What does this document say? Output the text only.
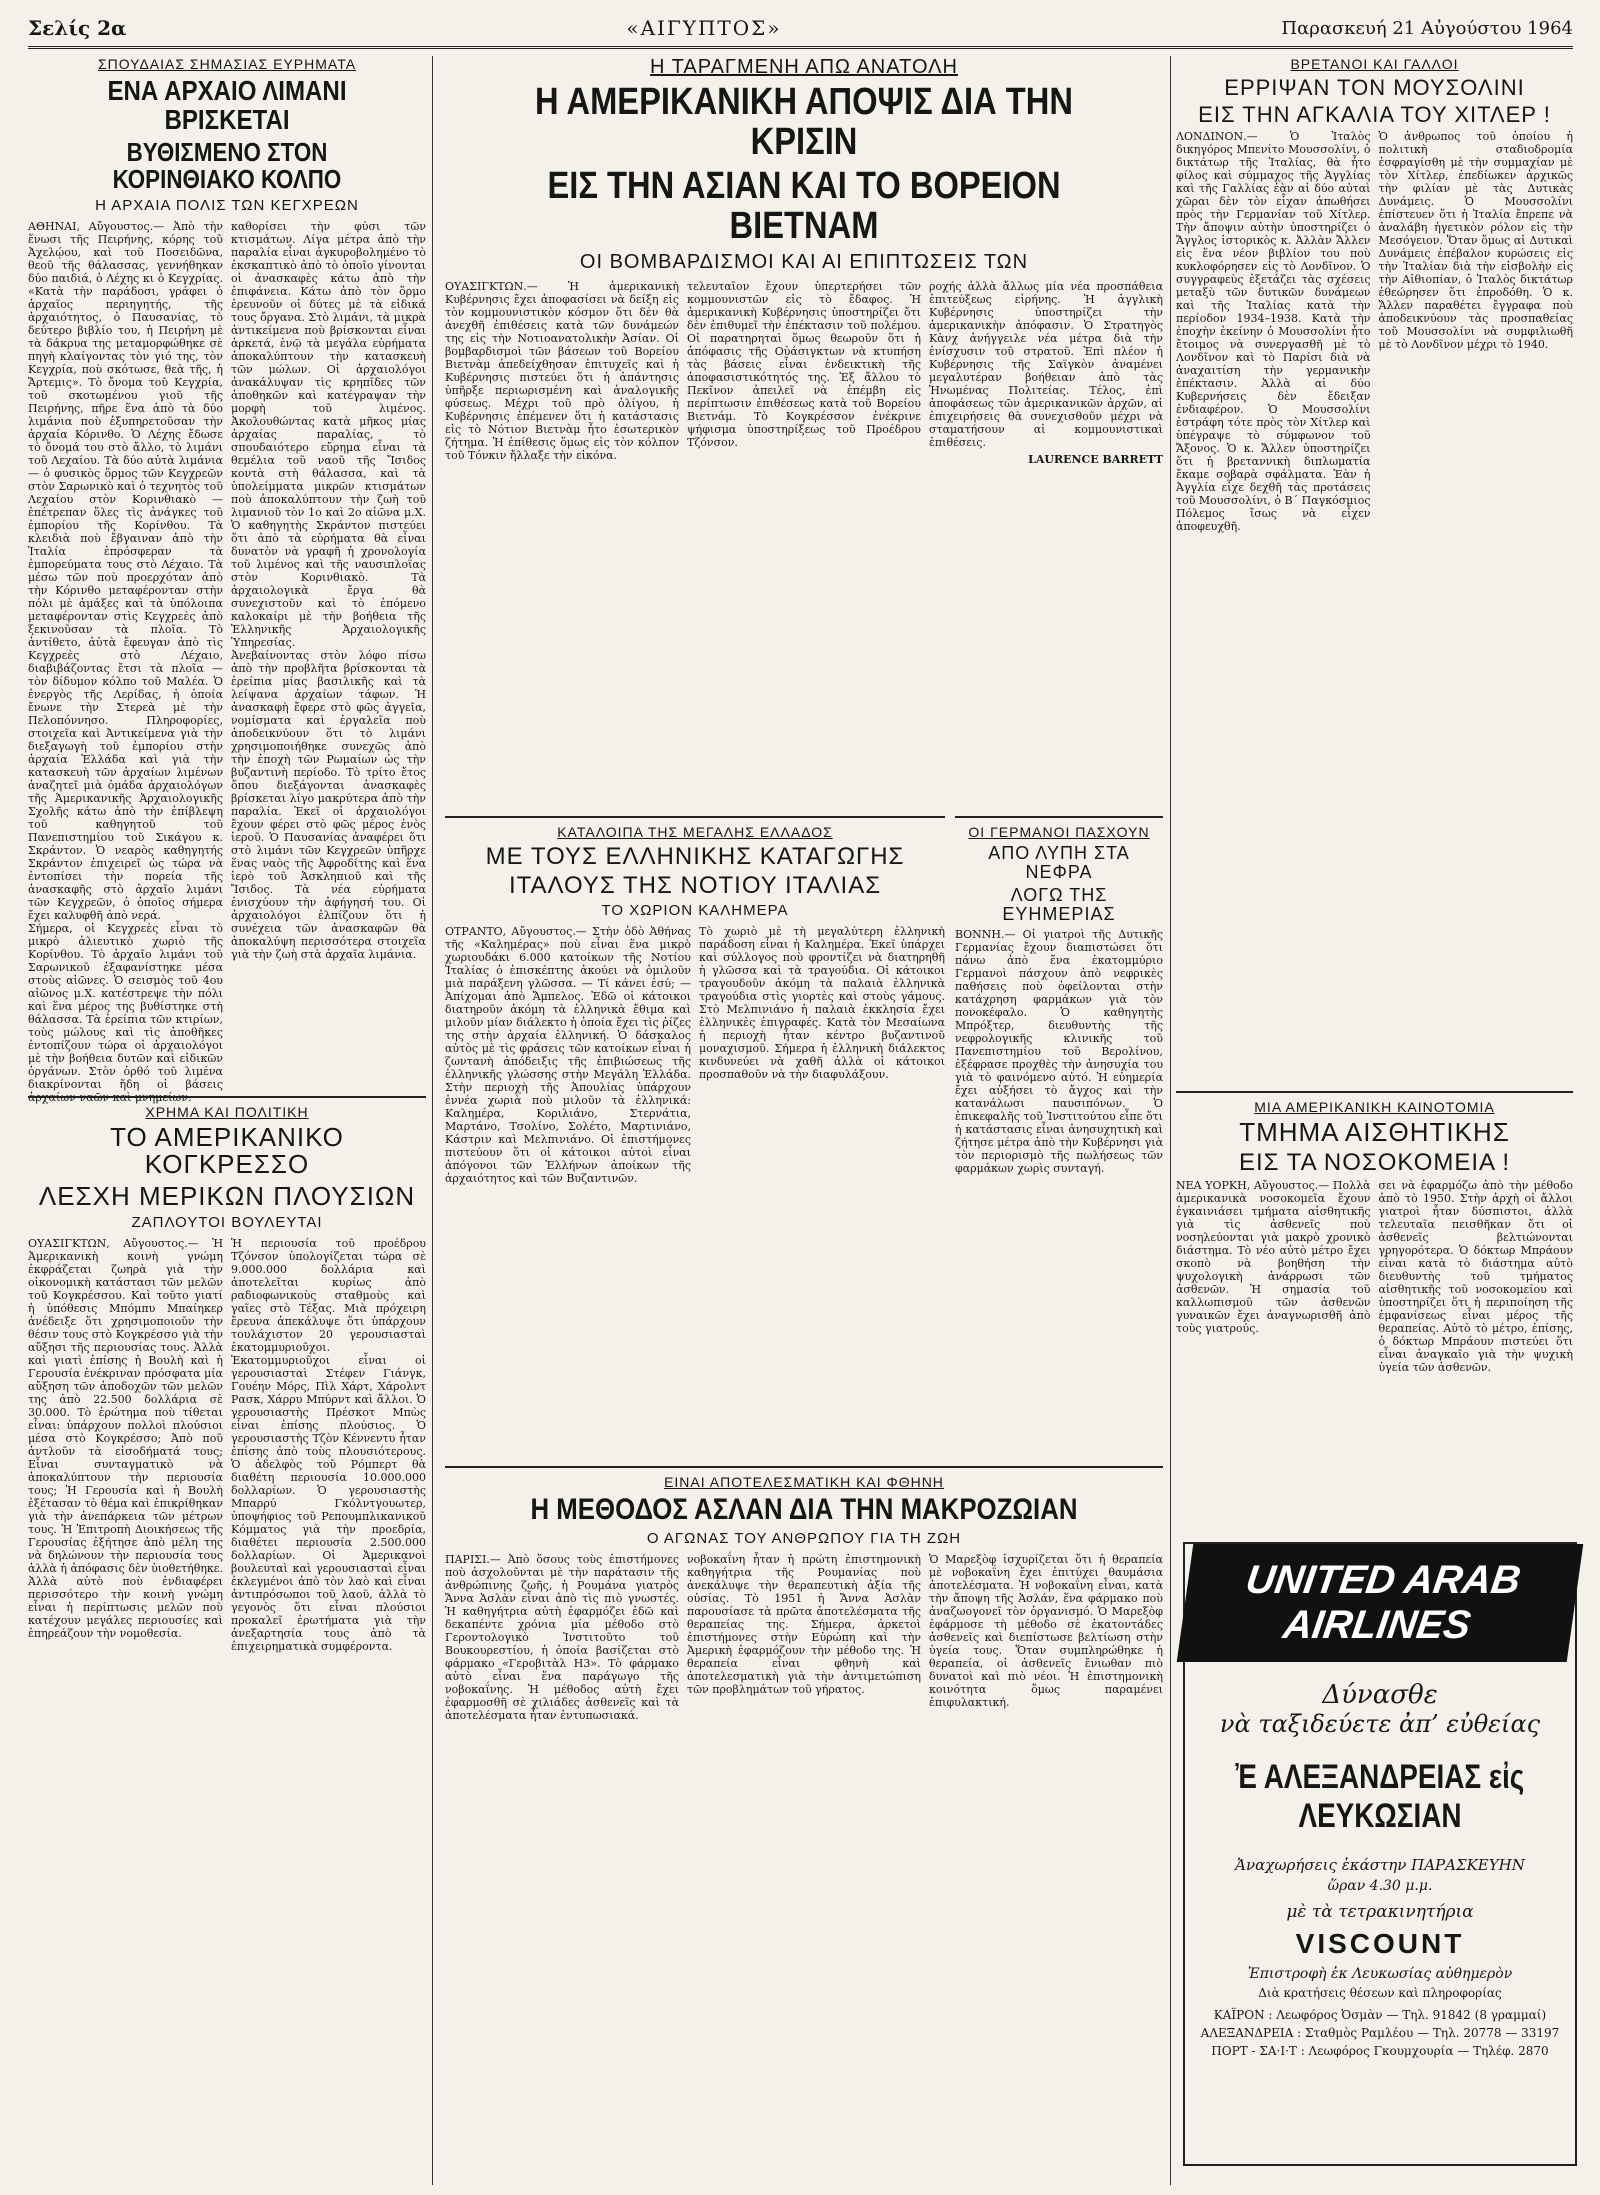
Σελίς 2α	«ΑΙΓΥΠΤΟΣ»	Παρασκευή 21 Αὐγούστου 1964
ΣΠΟΥΔΑΙΑΣ ΣΗΜΑΣΙΑΣ ΕΥΡΗΜΑΤΑ
ΕΝΑ ΑΡΧΑΙΟ ΛΙΜΑΝΙ ΒΡΙΣΚΕΤΑΙ
ΒΥΘΙΣΜΕΝΟ ΣΤΟΝ ΚΟΡΙΝΘΙΑΚΟ ΚΟΛΠΟ
Η ΑΡΧΑΙΑ ΠΟΛΙΣ ΤΩΝ ΚΕΓΧΡΕΩΝ

ΑΘΗΝΑΙ, Αὔγουστος.— Ἀπὸ τὴν ἕνωσι τῆς Πειρήνης, κόρης τοῦ Ἀχελῴου, καὶ τοῦ Ποσειδῶνα, θεοῦ τῆς θάλασσας, γεννήθηκαν δύο παιδιά, ὁ Λέχης κι ὁ Κεγχρίας. «Κατὰ τὴν παράδοσι, γράφει ὁ ἀρχαῖος περιηγητής, τῆς ἀρχαιότητος, ὁ Παυσανίας, τὸ δεύτερο βιβλίο του, ἡ Πειρήνη μὲ τὰ δάκρυα της μεταμορφώθηκε σὲ πηγὴ κλαίγοντας τὸν γιό της, τὸν Κεγχρία, ποὺ σκότωσε, θεὰ τῆς, ἡ Ἄρτεμις». Τὸ ὄνομα τοῦ Κεγχρία, τοῦ σκοτωμένου γιοῦ τῆς Πειρήνης, πῆρε ἕνα ἀπὸ τὰ δύο λιμάνια ποὺ ἐξυπηρετοῦσαν τὴν ἀρχαία Κόρινθο. Ὁ Λέχης ἔδωσε τὸ ὄνομά του στὸ ἄλλο, τὸ λιμάνι τοῦ Λεχαίου. Τὰ δύο αὐτὰ λιμάνια — ὁ φυσικὸς ὅρμος τῶν Κεγχρεῶν στὸν Σαρωνικὸ καὶ ὁ τεχνητὸς τοῦ Λεχαίου στὸν Κορινθιακὸ — ἐπέτρεπαν ὅλες τὶς ἀνάγκες τοῦ ἐμπορίου τῆς Κορίνθου. Τὰ κλειδιὰ ποὺ ἔβγαιναν ἀπὸ τὴν Ἰταλία ἐπρόσφεραν τὰ ἐμπορεύματα τους στὸ Λέχαιο. Τὰ μέσω τῶν ποὺ προερχόταν ἀπὸ τὴν Κόρινθο μεταφέρονταν στὴν πόλι μὲ ἀμάξες καὶ τὰ ὑπόλοιπα μεταφέρονταν στὶς Κεγχρεὲς ἀπὸ ξεκινοῦσαν τὰ πλοῖα. Τὸ ἀντίθετο, ἀὐτὰ ἔφευγαν ἀπὸ τὶς Κεγχρεὲς στὸ Λέχαιο, διαβιβάζοντας ἔτσι τὰ πλοῖα — τὸν δίδυμον κόλπο τοῦ Μαλέα. Ὁ ἐνεργὸς τῆς Λερίδας, ἡ ὁποία ἔνωνε τὴν Στερεὰ μὲ τὴν Πελοπόννησο. Πληροφορίες, στοιχεῖα καὶ Ἀντικείμενα γιὰ τὴν διεξαγωγὴ τοῦ ἐμπορίου στὴν ἀρχαία Ἑλλάδα καὶ γιὰ τὴν κατασκευὴ τῶν ἀρχαίων λιμένων ἀναζητεῖ μιὰ ὁμάδα ἀρχαιολόγων τῆς Ἀμερικανικῆς Ἀρχαιολογικῆς Σχολῆς κάτω ἀπὸ τὴν ἐπίβλεψη τοῦ καθηγητοῦ τοῦ Πανεπιστημίου τοῦ Σικάγου κ. Σκράντον. Ὁ νεαρὸς καθηγητής Σκράντον ἐπιχειρεῖ ὡς τώρα νὰ ἐντοπίσει τὴν πορεία τῆς ἀνασκαφῆς στὸ ἀρχαῖο λιμάνι τῶν Κεγχρεῶν, ὁ ὁποῖος σήμερα ἔχει καλυφθῆ ἀπὸ νερά.

Σήμερα, οἱ Κεγχρεὲς εἶναι τὸ μικρὸ ἀλιευτικὸ χωριὸ τῆς Κορίνθου. Τὸ ἀρχαῖο λιμάνι τοῦ Σαρωνικοῦ ἐξαφανίστηκε μέσα στοὺς αἰῶνες. Ὁ σεισμὸς τοῦ 4ου αἰῶνος μ.Χ. κατέστρεψε τὴν πόλι καὶ ἕνα μέρος της βυθίστηκε στὴ θάλασσα. Τὰ ἐρείπια τῶν κτιρίων, τοὺς μώλους καὶ τὶς ἀποθῆκες ἐντοπίζουν τώρα οἱ ἀρχαιολόγοι μὲ τὴν βοήθεια δυτῶν καὶ εἰδικῶν ὀργάνων. Στὸν ὀρθό τοῦ λιμένα διακρίνονται ἤδη οἱ βάσεις ἀρχαίων ναῶν καὶ μνημείων.

καθορίσει τὴν φύσι τῶν κτισμάτων. Λίγα μέτρα ἀπὸ τὴν παραλία εἶναι ἀγκυροβολημένο τὸ ἐκσκαπτικὸ ἀπὸ τὸ ὁποῖο γίνονται οἱ ἀνασκαφὲς κάτω ἀπὸ τὴν ἐπιφάνεια. Κάτω ἀπὸ τὸν ὅρμο ἐρευνοῦν οἱ δύτες μὲ τὰ εἰδικά τους ὄργανα. Στὸ λιμάνι, τὰ μικρὰ ἀντικείμενα ποὺ βρίσκονται εἶναι ἀρκετά, ἐνῷ τὰ μεγάλα εὐρήματα ἀποκαλύπτουν τὴν κατασκευὴ τῶν μώλων. Οἱ ἀρχαιολόγοι ἀνακάλυψαν τὶς κρηπῖδες τῶν ἀποθηκῶν καὶ κατέγραψαν τὴν μορφὴ τοῦ λιμένος. Ἀκολουθώντας κατὰ μῆκος μίας ἀρχαίας παραλίας, τὸ σπουδαιότερο εὔρημα εἶναι τὰ θεμέλια τοῦ ναοῦ τῆς Ἴσιδος κοντὰ στὴ θάλασσα, καὶ τὰ ὑπολείμματα μικρῶν κτισμάτων ποὺ ἀποκαλύπτουν τὴν ζωὴ τοῦ λιμανιοῦ τὸν 1ο καὶ 2ο αἰῶνα μ.Χ. Ὁ καθηγητὴς Σκράντον πιστεύει ὅτι ἀπὸ τὰ εὐρήματα θὰ εἶναι δυνατὸν νὰ γραφῆ ἡ χρονολογία τοῦ λιμένος καὶ τῆς ναυσιπλοΐας στὸν Κορινθιακὸ. Τὰ ἀρχαιολογικὰ ἔργα θὰ συνεχιστοῦν καὶ τὸ ἐπόμενο καλοκαίρι μὲ τὴν βοήθεια τῆς Ἑλληνικῆς Ἀρχαιολογικῆς Ὑπηρεσίας.

Ἀνεβαίνοντας στὸν λόφο πίσω ἀπὸ τὴν προβλῆτα βρίσκονται τὰ ἐρείπια μίας βασιλικῆς καὶ τὰ λείψανα ἀρχαίων τάφων. Ἡ ἀνασκαφὴ ἔφερε στὸ φῶς ἀγγεῖα, νομίσματα καὶ ἐργαλεῖα ποὺ ἀποδεικνύουν ὅτι τὸ λιμάνι χρησιμοποιήθηκε συνεχῶς ἀπὸ τὴν ἐποχὴ τῶν Ρωμαίων ὡς τὴν βυζαντινὴ περίοδο. Τὸ τρίτο ἔτος ὅπου διεξάγονται ἀνασκαφὲς βρίσκεται λίγο μακρύτερα ἀπὸ τὴν παραλία. Ἐκεῖ οἱ ἀρχαιολόγοι ἔχουν φέρει στὸ φῶς μέρος ἑνὸς ἱεροῦ. Ὁ Παυσανίας ἀναφέρει ὅτι στὸ λιμάνι τῶν Κεγχρεῶν ὑπῆρχε ἕνας ναὸς τῆς Ἀφροδίτης καὶ ἕνα ἱερὸ τοῦ Ἀσκληπιοῦ καὶ τῆς Ἴσιδος. Τὰ νέα εὐρήματα ἐνισχύουν τὴν ἀφήγησή του. Οἱ ἀρχαιολόγοι ἐλπίζουν ὅτι ἡ συνέχεια τῶν ἀνασκαφῶν θὰ ἀποκαλύψη περισσότερα στοιχεῖα γιὰ τὴν ζωὴ στὰ ἀρχαῖα λιμάνια.

ΧΡΗΜΑ ΚΑΙ ΠΟΛΙΤΙΚΗ
ΤΟ ΑΜΕΡΙΚΑΝΙΚΟ ΚΟΓΚΡΕΣΣΟ
ΛΕΣΧΗ ΜΕΡΙΚΩΝ ΠΛΟΥΣΙΩΝ
ΖΑΠΛΟΥΤΟΙ ΒΟΥΛΕΥΤΑΙ

ΟΥΑΣΙΓΚΤΩΝ, Αὔγουστος.— Ἡ Ἀμερικανικὴ κοινὴ γνώμη ἐκφράζεται ζωηρὰ γιὰ τὴν οἰκονομικὴ κατάστασι τῶν μελῶν τοῦ Κογκρέσσου. Καὶ τοῦτο γιατί ἡ ὑπόθεσις Μπόμπυ Μπαίηκερ ἀνέδειξε ὅτι χρησιμοποιοῦν τὴν θέσιν τους στὸ Κογκρέσσο γιὰ τὴν αὔξησι τῆς περιουσίας τους. Ἀλλὰ καὶ γιατὶ ἐπίσης ἡ Βουλὴ καὶ ἡ Γερουσία ἐνέκριναν πρόσφατα μία αὔξηση τῶν ἀποδοχῶν τῶν μελῶν της ἀπὸ 22.500 δολλάρια σὲ 30.000. Τὸ ἐρώτημα ποὺ τίθεται εἶναι: ὑπάρχουν πολλοὶ πλούσιοι μέσα στὸ Κογκρέσσο; Ἀπὸ ποῦ ἀντλοῦν τὰ εἰσοδήματά τους; Εἶναι συνταγματικὸ νὰ ἀποκαλύπτουν τὴν περιουσία τους; Ἡ Γερουσία καὶ ἡ Βουλὴ ἐξέτασαν τὸ θέμα καὶ ἐπικρίθηκαν γιὰ τὴν ἀνεπάρκεια τῶν μέτρων τους. Ἡ Ἐπιτροπὴ Διοικήσεως τῆς Γερουσίας ἐξήτησε ἀπὸ μέλη της νὰ δηλώνουν τὴν περιουσία τους ἀλλὰ ἡ ἀπόφασις δὲν ὑιοθετήθηκε. Ἀλλὰ αὐτὸ ποὺ ἐνδιαφέρει περισσότερο τὴν κοινὴ γνώμη εἶναι ἡ περίπτωσις μελῶν ποὺ κατέχουν μεγάλες περιουσίες καὶ ἐπηρεάζουν τὴν νομοθεσία.

Ἡ περιουσία τοῦ προέδρου Τζόνσον ὑπολογίζεται τώρα σὲ 9.000.000 δολλάρια καὶ ἀποτελεῖται κυρίως ἀπὸ ραδιοφωνικοὺς σταθμοὺς καὶ γαῖες στὸ Τέξας. Μιὰ πρόχειρη ἔρευνα ἀπεκάλυψε ὅτι ὑπάρχουν τουλάχιστον 20 γερουσιασταὶ ἑκατομμυριοῦχοι. Ἐκατομμυριοῦχοι εἶναι οἱ γερουσιασταὶ Στέφεν Γιάνγκ, Γουέην Μόρς, Πὶλ Χάρτ, Χάρολντ Ρασκ, Χάρρυ Μπύρντ καὶ ἄλλοι. Ὁ γερουσιαστὴς Πρέσκοτ Μπὼς εἶναι ἐπίσης πλούσιος. Ὁ γερουσιαστὴς Τζὸν Κέννεντυ ἦταν ἐπίσης ἀπὸ τοὺς πλουσιότερους. Ὁ ἀδελφὸς τοῦ Ρόμπερτ θὰ διαθέτη περιουσία 10.000.000 δολλαρίων. Ὁ γερουσιαστὴς Μπαρρύ Γκόλντγουωτερ, ὑποψήφιος τοῦ Ρεπουμπλικανικοῦ Κόμματος γιὰ τὴν προεδρία, διαθέτει περιουσία 2.500.000 δολλαρίων. Οἱ Ἀμερικανοὶ βουλευταὶ καὶ γερουσιασταὶ εἶναι ἐκλεγμένοι ἀπὸ τὸν λαὸ καὶ εἶναι ἀντιπρόσωποι τοῦ λαοῦ, ἀλλὰ τὸ γεγονὸς ὅτι εἶναι πλούσιοι προκαλεῖ ἐρωτήματα γιὰ τὴν ἀνεξαρτησία τους ἀπὸ τὰ ἐπιχειρηματικὰ συμφέροντα.

Η ΤΑΡΑΓΜΕΝΗ ΑΠΩ ΑΝΑΤΟΛΗ
Η ΑΜΕΡΙΚΑΝΙΚΗ ΑΠΟΨΙΣ ΔΙΑ ΤΗΝ ΚΡΙΣΙΝ
ΕΙΣ ΤΗΝ ΑΣΙΑΝ ΚΑΙ ΤΟ ΒΟΡΕΙΟΝ ΒΙΕΤΝΑΜ
ΟΙ ΒΟΜΒΑΡΔΙΣΜΟΙ ΚΑΙ ΑΙ ΕΠΙΠΤΩΣΕΙΣ ΤΩΝ

ΟΥΑΣΙΓΚΤΩΝ.— Ἡ ἀμερικανικὴ Κυβέρνησις ἔχει ἀποφασίσει νὰ δείξη εἰς τὸν κομμουνιστικὸν κόσμον ὅτι δὲν θὰ ἀνεχθῆ ἐπιθέσεις κατὰ τῶν δυνάμεών της εἰς τὴν Νοτιοανατολικὴν Ἀσίαν. Οἱ βομβαρδισμοὶ τῶν βάσεων τοῦ Βορείου Βιετνὰμ ἀπεδείχθησαν ἐπιτυχεῖς καὶ ἡ Κυβέρνησις πιστεύει ὅτι ἡ ἀπάντησις ὑπῆρξε περιωρισμένη καὶ ἀναλογικῆς φύσεως. Μέχρι τοῦ πρὸ ὀλίγου, ἡ Κυβέρνησις ἐπέμενεν ὅτι ἡ κατάστασις εἰς τὸ Νότιον Βιετνὰμ ἦτο ἐσωτερικὸν ζήτημα. Ἡ ἐπίθεσις ὅμως εἰς τὸν κόλπον τοῦ Τόνκιν ἤλλαξε τὴν εἰκόνα.

τελευταῖον ἔχουν ὑπερτερήσει τῶν κομμουνιστῶν εἰς τὸ ἔδαφος. Ἡ ἀμερικανικὴ Κυβέρνησις ὑποστηρίζει ὅτι δὲν ἐπιθυμεῖ τὴν ἐπέκτασιν τοῦ πολέμου. Οἱ παρατηρηταὶ ὅμως θεωροῦν ὅτι ἡ ἀπόφασις τῆς Οὐάσιγκτων νὰ κτυπήση τὰς βάσεις εἶναι ἐνδεικτικὴ τῆς ἀποφασιστικότητός της. Ἐξ ἄλλου τὸ Πεκῖνον ἀπειλεῖ νὰ ἐπέμβη εἰς περίπτωσιν ἐπιθέσεως κατὰ τοῦ Βορείου Βιετνάμ. Τὸ Κογκρέσσον ἐνέκρινε ψήφισμα ὑποστηρίξεως τοῦ Προέδρου Τζόνσον.

ροχής ἀλλὰ ἄλλως μία νέα προσπάθεια ἐπιτεύξεως εἰρήνης. Ἡ ἀγγλικὴ Κυβέρνησις ὑποστηρίζει τὴν ἀμερικανικὴν ἀπόφασιν. Ὁ Στρατηγὸς Κὰνχ ἀνήγγειλε νέα μέτρα διὰ τὴν ἐνίσχυσιν τοῦ στρατοῦ. Ἐπὶ πλέον ἡ Κυβέρνησις τῆς Σαϊγκὸν ἀναμένει μεγαλυτέραν βοήθειαν ἀπὸ τὰς Ἡνωμένας Πολιτείας. Τέλος, ἐπὶ ἀποφάσεως τῶν ἀμερικανικῶν ἀρχῶν, αἱ ἐπιχειρήσεις θὰ συνεχισθοῦν μέχρι νὰ σταματήσουν αἱ κομμουνιστικαὶ ἐπιθέσεις.

LAURENCE BARRETT
ΚΑΤΑΛΟΙΠΑ ΤΗΣ ΜΕΓΑΛΗΣ ΕΛΛΑΔΟΣ
ΜΕ ΤΟΥΣ ΕΛΛΗΝΙΚΗΣ ΚΑΤΑΓΩΓΗΣ
ΙΤΑΛΟΥΣ ΤΗΣ ΝΟΤΙΟΥ ΙΤΑΛΙΑΣ
ΤΟ ΧΩΡΙΟΝ ΚΑΛΗΜΕΡΑ

ΟΤΡΑΝΤΟ, Αὔγουστος.— Στὴν ὁδὸ Ἀθήνας τῆς «Καλημέρας» ποὺ εἶναι ἕνα μικρὸ χωριουδάκι 6.000 κατοίκων τῆς Νοτίου Ἰταλίας ὁ ἐπισκέπτης ἀκούει νὰ ὁμιλοῦν μιὰ παράξενη γλῶσσα. — Τί κάνει ἐσύ; — Ἀπίχομαι ἀπὸ Ἄμπελος. Ἐδῶ οἱ κάτοικοι διατηροῦν ἀκόμη τὰ ἑλληνικὰ ἔθιμα καὶ μιλοῦν μίαν διάλεκτο ἡ ὁποία ἔχει τὶς ῥίζες της στὴν ἀρχαία ἑλληνική. Ὁ δάσκαλος αὐτὸς μὲ τὶς φράσεις τῶν κατοίκων εἶναι ἡ ζωντανὴ ἀπόδειξις τῆς ἐπιβιώσεως τῆς ἑλληνικῆς γλώσσης στὴν Μεγάλη Ἑλλάδα. Στὴν περιοχὴ τῆς Ἀπουλίας ὑπάρχουν ἐννέα χωριὰ ποὺ μιλοῦν τὰ ἑλληνικά: Καλημέρα, Κοριλιάνο, Στερνάτια, Μαρτάνο, Τσολίνο, Σολέτο, Μαρτινιάνο, Κάστριν καὶ Μελπινιάνο. Οἱ ἐπιστήμονες πιστεύουν ὅτι οἱ κάτοικοι αὐτοὶ εἶναι ἀπόγονοι τῶν Ἑλλήνων ἀποίκων τῆς ἀρχαιότητος καὶ τῶν Βυζαντινῶν.

Τὸ χωριὸ μὲ τὴ μεγαλύτερη ἑλληνικὴ παράδοση εἶναι ἡ Καλημέρα. Ἐκεῖ ὑπάρχει καὶ σύλλογος ποὺ φροντίζει νὰ διατηρηθῆ ἡ γλῶσσα καὶ τὰ τραγούδια. Οἱ κάτοικοι τραγουδοῦν ἀκόμη τὰ παλαιὰ ἑλληνικὰ τραγούδια στὶς γιορτὲς καὶ στοὺς γάμους. Στὸ Μελπινιάνο ἡ παλαιὰ ἐκκλησία ἔχει ἑλληνικὲς ἐπιγραφές. Κατὰ τὸν Μεσαίωνα ἡ περιοχὴ ἦταν κέντρο βυζαντινοῦ μοναχισμοῦ. Σήμερα ἡ ἑλληνικὴ διάλεκτος κινδυνεύει νὰ χαθῆ ἀλλὰ οἱ κάτοικοι προσπαθοῦν νὰ τὴν διαφυλάξουν.

ΟΙ ΓΕΡΜΑΝΟΙ ΠΑΣΧΟΥΝ
ΑΠΟ ΛΥΠΗ ΣΤΑ ΝΕΦΡΑ
ΛΟΓΩ ΤΗΣ ΕΥΗΜΕΡΙΑΣ

ΒΟΝΝΗ.— Οἱ γιατροὶ τῆς Δυτικῆς Γερμανίας ἔχουν διαπιστώσει ὅτι πάνω ἀπὸ ἕνα ἑκατομμύριο Γερμανοὶ πάσχουν ἀπὸ νεφρικὲς παθήσεις ποὺ ὀφείλονται στὴν κατάχρηση φαρμάκων γιὰ τὸν πονοκέφαλο. Ὁ καθηγητὴς Μπρόξτερ, διευθυντὴς τῆς νεφρολογικῆς κλινικῆς τοῦ Πανεπιστημίου τοῦ Βερολίνου, ἐξέφρασε προχθὲς τὴν ἀνησυχία του γιὰ τὸ φαινόμενο αὐτό. Ἡ εὐημερία ἔχει αὐξήσει τὸ ἄγχος καὶ τὴν κατανάλωσι παυσιπόνων. Ὁ ἐπικεφαλῆς τοῦ Ἰνστιτούτου εἶπε ὅτι ἡ κατάστασις εἶναι ἀνησυχητικὴ καὶ ζήτησε μέτρα ἀπὸ τὴν Κυβέρνησι γιὰ τὸν περιορισμὸ τῆς πωλήσεως τῶν φαρμάκων χωρὶς συνταγή.

ΕΙΝΑΙ ΑΠΟΤΕΛΕΣΜΑΤΙΚΗ ΚΑΙ ΦΘΗΝΗ
Η ΜΕΘΟΔΟΣ ΑΣΛΑΝ ΔΙΑ ΤΗΝ ΜΑΚΡΟΖΩΙΑΝ
Ο ΑΓΩΝΑΣ ΤΟΥ ΑΝΘΡΩΠΟΥ ΓΙΑ ΤΗ ΖΩΗ

ΠΑΡΙΣΙ.— Ἀπὸ ὅσους τοὺς ἐπιστήμονες ποὺ ἀσχολοῦνται μὲ τὴν παράτασιν τῆς ἀνθρώπινης ζωῆς, ἡ Ρουμάνα γιατρὸς Ἄννα Ἀσλὰν εἶναι ἀπὸ τὶς πιὸ γνωστές. Ἡ καθηγήτρια αὐτὴ ἐφαρμόζει ἐδῶ καὶ δεκαπέντε χρόνια μία μέθοδο στὸ Γεροντολογικὸ Ἰνστιτοῦτο τοῦ Βουκουρεστίου, ἡ ὁποία βασίζεται στὸ φάρμακο «Γεροβιτὰλ Η3». Τὸ φάρμακο αὐτὸ εἶναι ἕνα παράγωγο τῆς νοβοκαΐνης. Ἡ μέθοδος αὐτὴ ἔχει ἐφαρμοσθῆ σὲ χιλιάδες ἀσθενεῖς καὶ τὰ ἀποτελέσματα ἦταν ἐντυπωσιακά.

νοβοκαΐνη ἦταν ἡ πρώτη ἐπιστημονικὴ καθηγήτρια τῆς Ρουμανίας ποὺ ἀνεκάλυψε τὴν θεραπευτικὴ ἀξία τῆς οὐσίας. Τὸ 1951 ἡ Ἄννα Ἀσλὰν παρουσίασε τὰ πρῶτα ἀποτελέσματα τῆς θεραπείας της. Σήμερα, ἀρκετοὶ ἐπιστήμονες στὴν Εὐρώπη καὶ τὴν Ἀμερικὴ ἐφαρμόζουν τὴν μέθοδο της. Ἡ θεραπεία εἶναι φθηνὴ καὶ ἀποτελεσματικὴ γιὰ τὴν ἀντιμετώπιση τῶν προβλημάτων τοῦ γήρατος.

Ὁ Μαρεξὸφ ἰσχυρίζεται ὅτι ἡ θεραπεία μὲ νοβοκαΐνη ἔχει ἐπιτύχει θαυμάσια ἀποτελέσματα. Ἡ νοβοκαΐνη εἶναι, κατὰ τὴν ἄποψη τῆς Ἀσλάν, ἕνα φάρμακο ποὺ ἀναζωογονεῖ τὸν ὀργανισμό. Ὁ Μαρεξὸφ ἐφάρμοσε τὴ μέθοδο σὲ ἑκατοντάδες ἀσθενεῖς καὶ διεπίστωσε βελτίωση στὴν ὑγεία τους. Ὅταν συμπληρώθηκε ἡ θεραπεία, οἱ ἀσθενεῖς ἔνιωθαν πιὸ δυνατοὶ καὶ πιὸ νέοι. Ἡ ἐπιστημονικὴ κοινότητα ὅμως παραμένει ἐπιφυλακτική.

ΒΡΕΤΑΝΟΙ ΚΑΙ ΓΑΛΛΟΙ
ΕΡΡΙΨΑΝ ΤΟΝ ΜΟΥΣΟΛΙΝΙ
ΕΙΣ ΤΗΝ ΑΓΚΑΛΙΑ ΤΟΥ ΧΙΤΛΕΡ !

ΛΟΝΔΙΝΟΝ.— Ὁ Ἰταλὸς δικηγόρος Μπενίτο Μουσσολίνι, ὁ δικτάτωρ τῆς Ἰταλίας, θὰ ἦτο φίλος καὶ σύμμαχος τῆς Ἀγγλίας καὶ τῆς Γαλλίας ἐὰν αἱ δύο αὐταὶ χῶραι δὲν τὸν εἶχαν ἀπωθήσει πρὸς τὴν Γερμανίαν τοῦ Χίτλερ. Τὴν ἄποψιν αὐτὴν ὑποστηρίζει ὁ Ἄγγλος ἱστορικὸς κ. Ἀλλὰν Ἄλλεν εἰς ἕνα νέον βιβλίον του ποὺ κυκλοφόρησεν εἰς τὸ Λονδῖνον. Ὁ συγγραφεὺς ἐξετάζει τὰς σχέσεις μεταξὺ τῶν δυτικῶν δυνάμεων καὶ τῆς Ἰταλίας κατὰ τὴν περίοδον 1934–1938. Κατὰ τὴν ἐποχὴν ἐκείνην ὁ Μουσσολίνι ἦτο ἔτοιμος νὰ συνεργασθῆ μὲ τὸ Λονδῖνον καὶ τὸ Παρίσι διὰ νὰ ἀναχαιτίση τὴν γερμανικὴν ἐπέκτασιν. Ἀλλὰ αἱ δύο Κυβερνήσεις δὲν ἔδειξαν ἐνδιαφέρον. Ὁ Μουσσολίνι ἐστράφη τότε πρὸς τὸν Χίτλερ καὶ ὑπέγραψε τὸ σύμφωνον τοῦ Ἄξονος. Ὁ κ. Ἄλλεν ὑποστηρίζει ὅτι ἡ βρεταννικὴ διπλωματία ἔκαμε σοβαρὰ σφάλματα. Ἐὰν ἡ Ἀγγλία εἶχε δεχθῆ τὰς προτάσεις τοῦ Μουσσολίνι, ὁ Β΄ Παγκόσμιος Πόλεμος ἴσως νὰ εἶχεν ἀποφευχθῆ.

Ὁ ἀνθρωπος τοῦ ὁποίου ἡ πολιτικὴ σταδιοδρομία ἐσφραγίσθη μὲ τὴν συμμαχίαν μὲ τὸν Χίτλερ, ἐπεδίωκεν ἀρχικῶς τὴν φιλίαν μὲ τὰς Δυτικὰς Δυνάμεις. Ὁ Μουσσολίνι ἐπίστευεν ὅτι ἡ Ἰταλία ἔπρεπε νὰ ἀναλάβη ἡγετικὸν ρόλον εἰς τὴν Μεσόγειον. Ὅταν ὅμως αἱ Δυτικαὶ Δυνάμεις ἐπέβαλον κυρώσεις εἰς τὴν Ἰταλίαν διὰ τὴν εἰσβολὴν εἰς τὴν Αἰθιοπίαν, ὁ Ἰταλὸς δικτάτωρ ἐθεώρησεν ὅτι ἐπροδόθη. Ὁ κ. Ἄλλεν παραθέτει ἔγγραφα ποὺ ἀποδεικνύουν τὰς προσπαθείας τοῦ Μουσσολίνι νὰ συμφιλιωθῆ μὲ τὸ Λονδῖνον μέχρι τὸ 1940.

ΜΙΑ ΑΜΕΡΙΚΑΝΙΚΗ ΚΑΙΝΟΤΟΜΙΑ
ΤΜΗΜΑ ΑΙΣΘΗΤΙΚΗΣ
ΕΙΣ ΤΑ ΝΟΣΟΚΟΜΕΙΑ !

ΝΕΑ ΥΟΡΚΗ, Αὔγουστος.— Πολλὰ ἀμερικανικὰ νοσοκομεῖα ἔχουν ἐγκαινιάσει τμήματα αἰσθητικῆς γιὰ τὶς ἀσθενεῖς ποὺ νοσηλεύονται γιὰ μακρὸ χρονικὸ διάστημα. Τὸ νέο αὐτὸ μέτρο ἔχει σκοπὸ νὰ βοηθήση τὴν ψυχολογικὴ ἀνάρρωσι τῶν ἀσθενῶν. Ἡ σημασία τοῦ καλλωπισμοῦ τῶν ἀσθενῶν γυναικῶν ἔχει ἀναγνωρισθῆ ἀπὸ τοὺς γιατρούς.

σει νὰ ἐφαρμόζω ἀπὸ τὴν μέθοδο ἀπὸ τὸ 1950. Στὴν ἀρχὴ οἱ ἄλλοι γιατροὶ ἦταν δύσπιστοι, ἀλλὰ τελευταῖα πεισθῆκαν ὅτι οἱ ἀσθενεῖς βελτιώνονται γρηγορότερα. Ὁ δόκτωρ Μπράουν εἶναι κατὰ τὸ διάστημα αὐτὸ διευθυντὴς τοῦ τμήματος αἰσθητικῆς τοῦ νοσοκομείου καὶ ὑποστηρίζει ὅτι ἡ περιποίηση τῆς ἐμφανίσεως εἶναι μέρος τῆς θεραπείας. Αὐτὸ τὸ μέτρο, ἐπίσης, ὁ δόκτωρ Μπράουν πιστεύει ὅτι εἶναι ἀναγκαῖο γιὰ τὴν ψυχικὴ ὑγεία τῶν ἀσθενῶν.

UNITED ARAB AIRLINES
Δύνασθε
νὰ ταξιδεύετε ἀπ’ εὐθείας
Ἐ ΑΛΕΞΑΝΔΡΕΙΑΣ εἰς ΛΕΥΚΩΣΙΑΝ
Ἀναχωρήσεις ἑκάστην ΠΑΡΑΣΚΕΥΗΝ
ὥραν 4.30 μ.μ.
μὲ τὰ τετρακινητήρια
VISCOUNT
Ἐπιστροφὴ ἐκ Λευκωσίας αὐθημερὸν
Διὰ κρατήσεις θέσεων καὶ πληροφορίας
ΚΑΪΡΟΝ : Λεωφόρος Ὀσμὰν — Τηλ. 91842 (8 γραμμαί)
ΑΛΕΞΑΝΔΡΕΙΑ : Σταθμὸς Ραμλέου — Τηλ. 20778 — 33197
ΠΟΡΤ - ΣΑ·Ι·Τ : Λεωφόρος Γκουμχουρία — Τηλέφ. 2870
